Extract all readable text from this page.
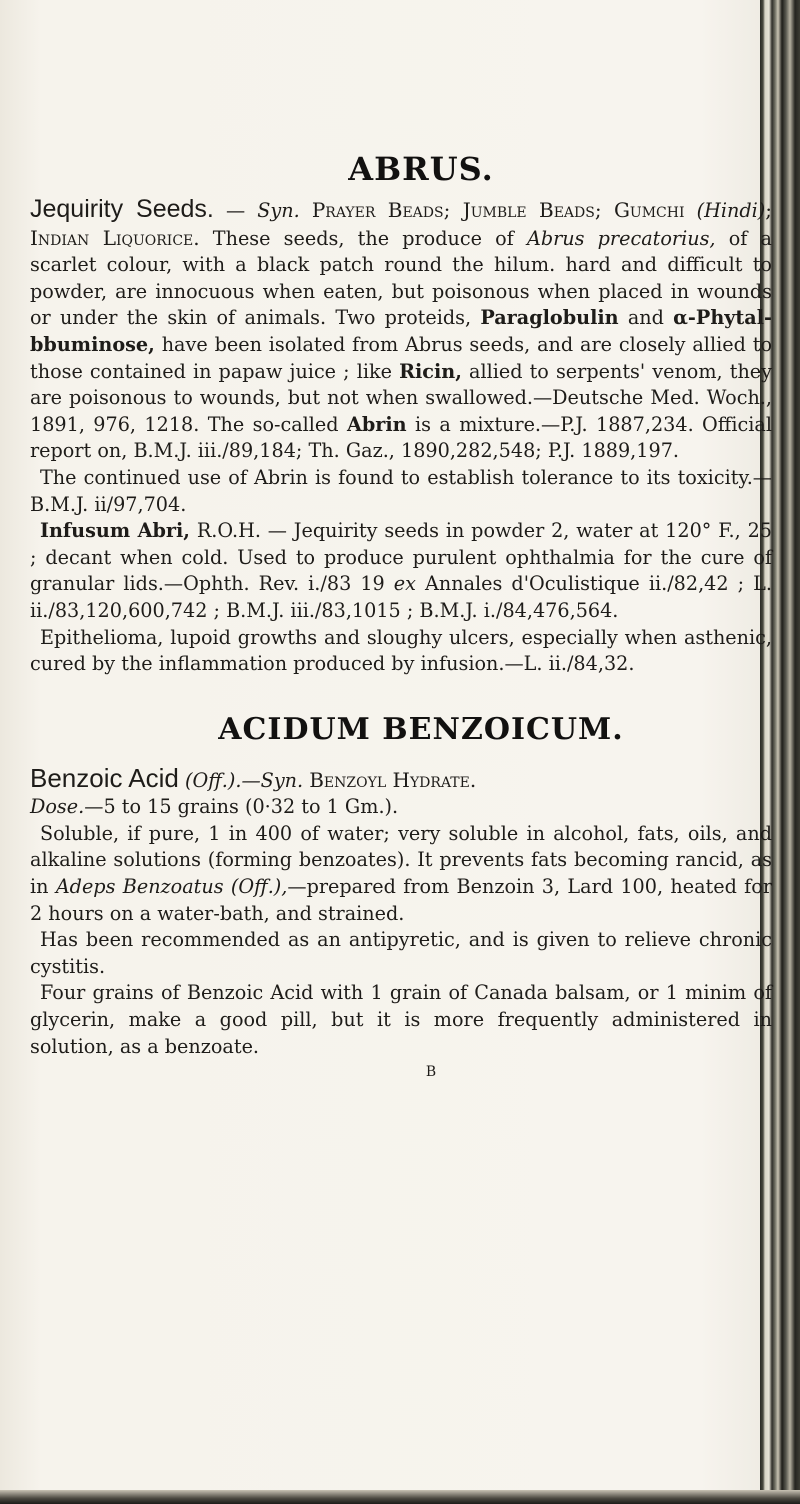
ABRUS.

Jequirity Seeds. — Syn. Prayer Beads; Jumble Beads; Gumchi (Hindi); Indian Liquorice. These seeds, the produce of Abrus precatorius, of a scarlet colour, with a black patch round the hilum. hard and difficult to powder, are innocuous when eaten, but poisonous when placed in wounds or under the skin of animals. Two proteids, Paraglobulin and α-Phytal-bbuminose, have been isolated from Abrus seeds, and are closely allied to those contained in papaw juice ; like Ricin, allied to serpents' venom, they are poisonous to wounds, but not when swallowed.—Deutsche Med. Woch., 1891, 976, 1218. The so-called Abrin is a mixture.—P.J. 1887,234. Official report on, B.M.J. iii./89,184; Th. Gaz., 1890,282,548; P.J. 1889,197.

The continued use of Abrin is found to establish tolerance to its toxicity.—B.M.J. ii/97,704.

Infusum Abri, R.O.H. — Jequirity seeds in powder 2, water at 120° F., 25 ; decant when cold. Used to produce purulent ophthalmia for the cure of granular lids.—Ophth. Rev. i./83 19 ex Annales d'Oculistique ii./82,42 ; L. ii./83,120,600,742 ; B.M.J. iii./83,1015 ; B.M.J. i./84,476,564.

Epithelioma, lupoid growths and sloughy ulcers, especially when asthenic, cured by the inflammation produced by infusion.—L. ii./84,32.

ACIDUM BENZOICUM.

Benzoic Acid (Off.).—Syn. Benzoyl Hydrate.
Dose.—5 to 15 grains (0·32 to 1 Gm.).

Soluble, if pure, 1 in 400 of water; very soluble in alcohol, fats, oils, and alkaline solutions (forming benzoates). It prevents fats becoming rancid, as in Adeps Benzoatus (Off.),—prepared from Benzoin 3, Lard 100, heated for 2 hours on a water-bath, and strained.

Has been recommended as an antipyretic, and is given to relieve chronic cystitis.

Four grains of Benzoic Acid with 1 grain of Canada balsam, or 1 minim of glycerin, make a good pill, but it is more frequently administered in solution, as a benzoate.

B
